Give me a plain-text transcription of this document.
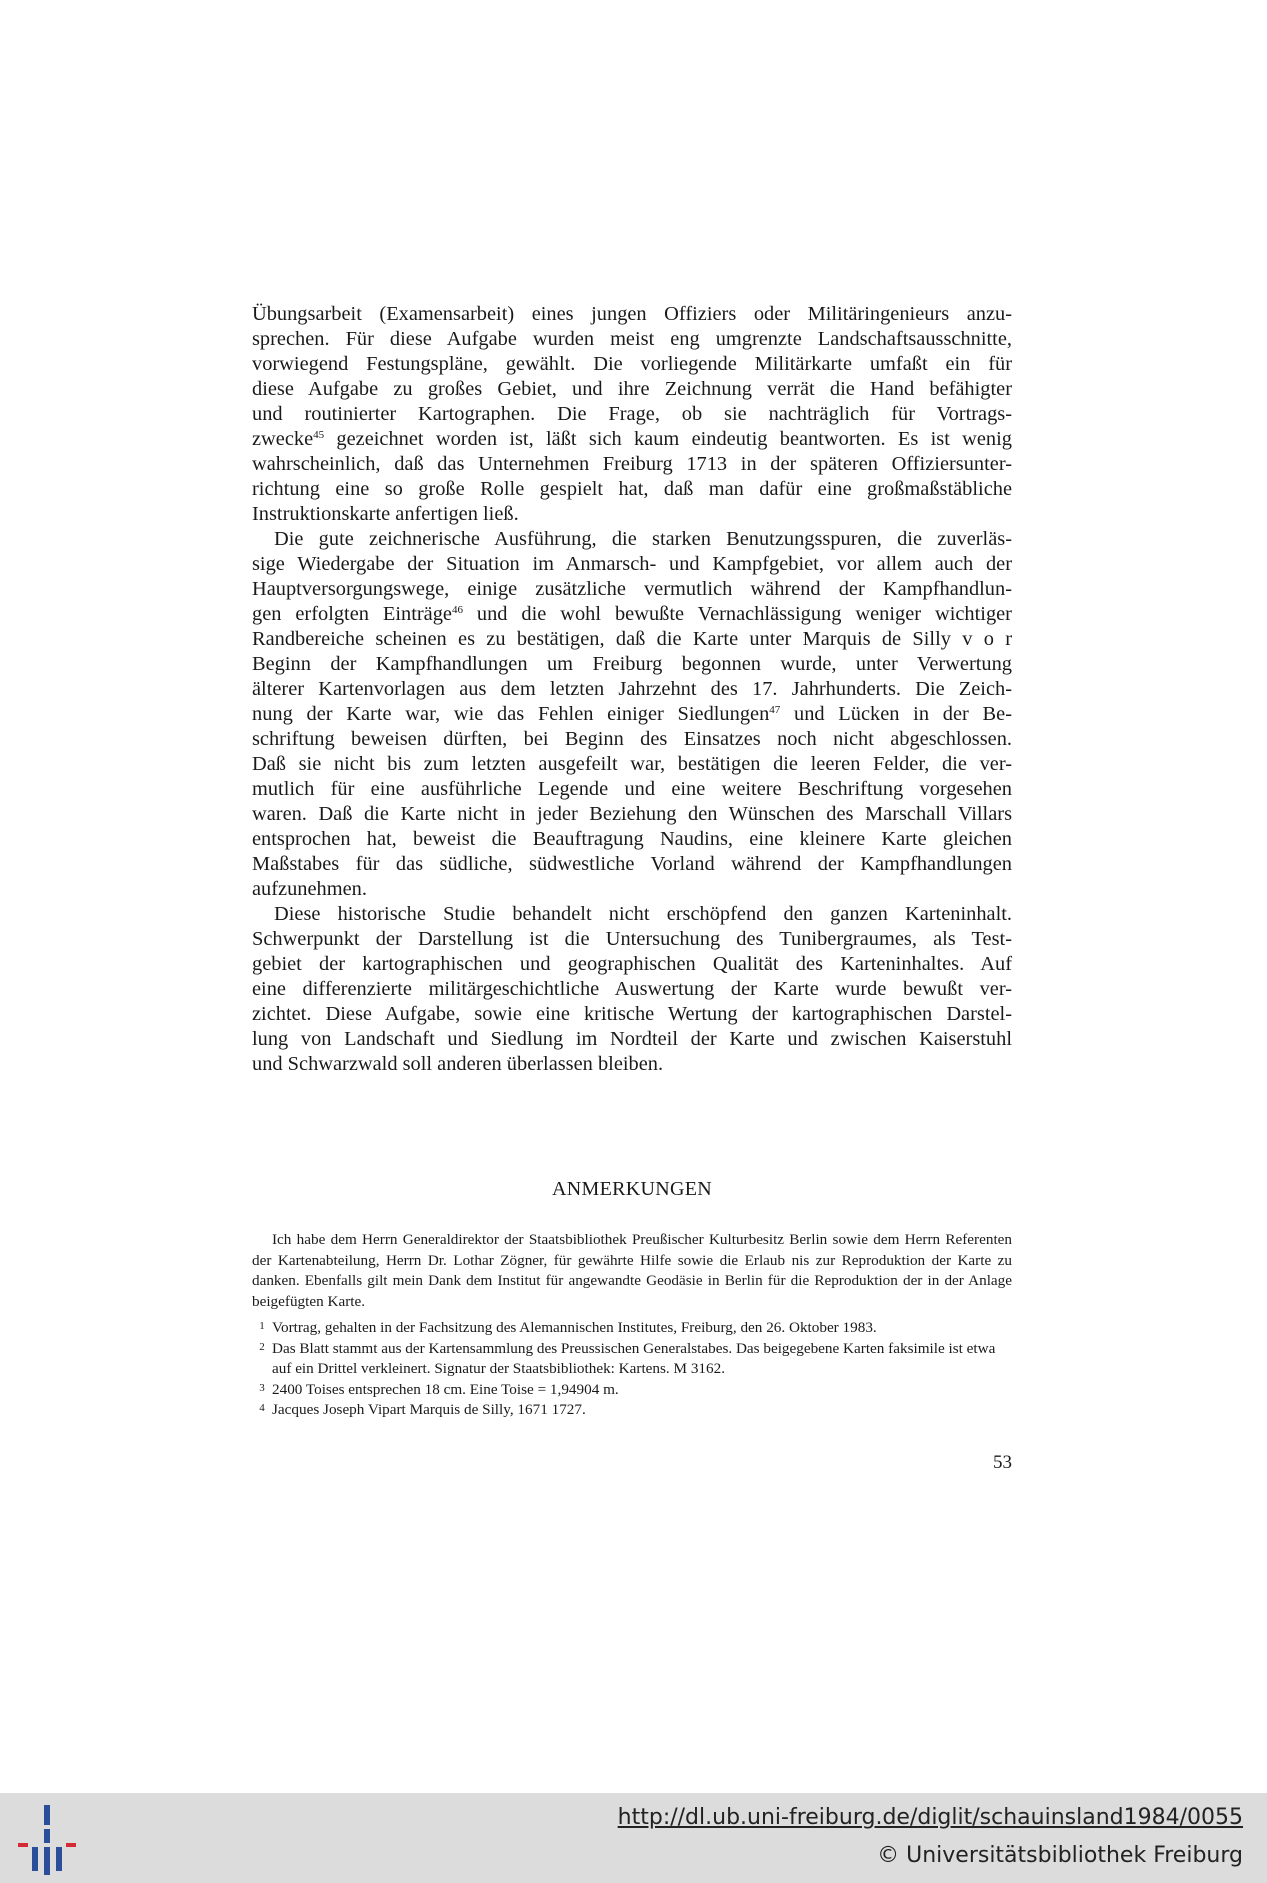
Übungsarbeit (Examensarbeit) eines jungen Offiziers oder Militäringenieurs anzu-
sprechen. Für diese Aufgabe wurden meist eng umgrenzte Landschaftsausschnitte,
vorwiegend Festungspläne, gewählt. Die vorliegende Militärkarte umfaßt ein für
diese Aufgabe zu großes Gebiet, und ihre Zeichnung verrät die Hand befähigter
und routinierter Kartographen. Die Frage, ob sie nachträglich für Vortrags-
zwecke$^{45}$ gezeichnet worden ist, läßt sich kaum eindeutig beantworten. Es ist wenig
wahrscheinlich, daß das Unternehmen Freiburg 1713 in der späteren Offiziersunter-
richtung eine so große Rolle gespielt hat, daß man dafür eine großmaßstäbliche
Instruktionskarte anfertigen ließ.

Die gute zeichnerische Ausführung, die starken Benutzungsspuren, die zuverläs-
sige Wiedergabe der Situation im Anmarsch- und Kampfgebiet, vor allem auch der
Hauptversorgungswege, einige zusätzliche vermutlich während der Kampfhandlun-
gen erfolgten Einträge$^{46}$ und die wohl bewußte Vernachlässigung weniger wichtiger
Randbereiche scheinen es zu bestätigen, daß die Karte unter Marquis de Silly v o r
Beginn der Kampfhandlungen um Freiburg begonnen wurde, unter Verwertung
älterer Kartenvorlagen aus dem letzten Jahrzehnt des 17. Jahrhunderts. Die Zeich-
nung der Karte war, wie das Fehlen einiger Siedlungen$^{47}$ und Lücken in der Be-
schriftung beweisen dürften, bei Beginn des Einsatzes noch nicht abgeschlossen.
Daß sie nicht bis zum letzten ausgefeilt war, bestätigen die leeren Felder, die ver-
mutlich für eine ausführliche Legende und eine weitere Beschriftung vorgesehen
waren. Daß die Karte nicht in jeder Beziehung den Wünschen des Marschall Villars
entsprochen hat, beweist die Beauftragung Naudins, eine kleinere Karte gleichen
Maßstabes für das südliche, südwestliche Vorland während der Kampfhandlungen
aufzunehmen.

Diese historische Studie behandelt nicht erschöpfend den ganzen Karteninhalt.
Schwerpunkt der Darstellung ist die Untersuchung des Tunibergraumes, als Test-
gebiet der kartographischen und geographischen Qualität des Karteninhaltes. Auf
eine differenzierte militärgeschichtliche Auswertung der Karte wurde bewußt ver-
zichtet. Diese Aufgabe, sowie eine kritische Wertung der kartographischen Darstel-
lung von Landschaft und Siedlung im Nordteil der Karte und zwischen Kaiserstuhl
und Schwarzwald soll anderen überlassen bleiben.

ANMERKUNGEN

Ich habe dem Herrn Generaldirektor der Staatsbibliothek Preußischer Kulturbesitz Berlin sowie dem Herrn Referenten der Kartenabteilung, Herrn Dr. Lothar Zögner, für gewährte Hilfe sowie die Erlaub nis zur Reproduktion der Karte zu danken. Ebenfalls gilt mein Dank dem Institut für angewandte Geodäsie in Berlin für die Reproduktion der in der Anlage beigefügten Karte.

1 Vortrag, gehalten in der Fachsitzung des Alemannischen Institutes, Freiburg, den 26. Oktober 1983.
2 Das Blatt stammt aus der Kartensammlung des Preussischen Generalstabes. Das beigegebene Karten faksimile ist etwa auf ein Drittel verkleinert. Signatur der Staatsbibliothek: Kartens. M 3162.
3 2400 Toises entsprechen 18 cm. Eine Toise = 1,94904 m.
4 Jacques Joseph Vipart Marquis de Silly, 1671 1727.
53
http://dl.ub.uni-freiburg.de/diglit/schauinsland1984/0055
© Universitätsbibliothek Freiburg
